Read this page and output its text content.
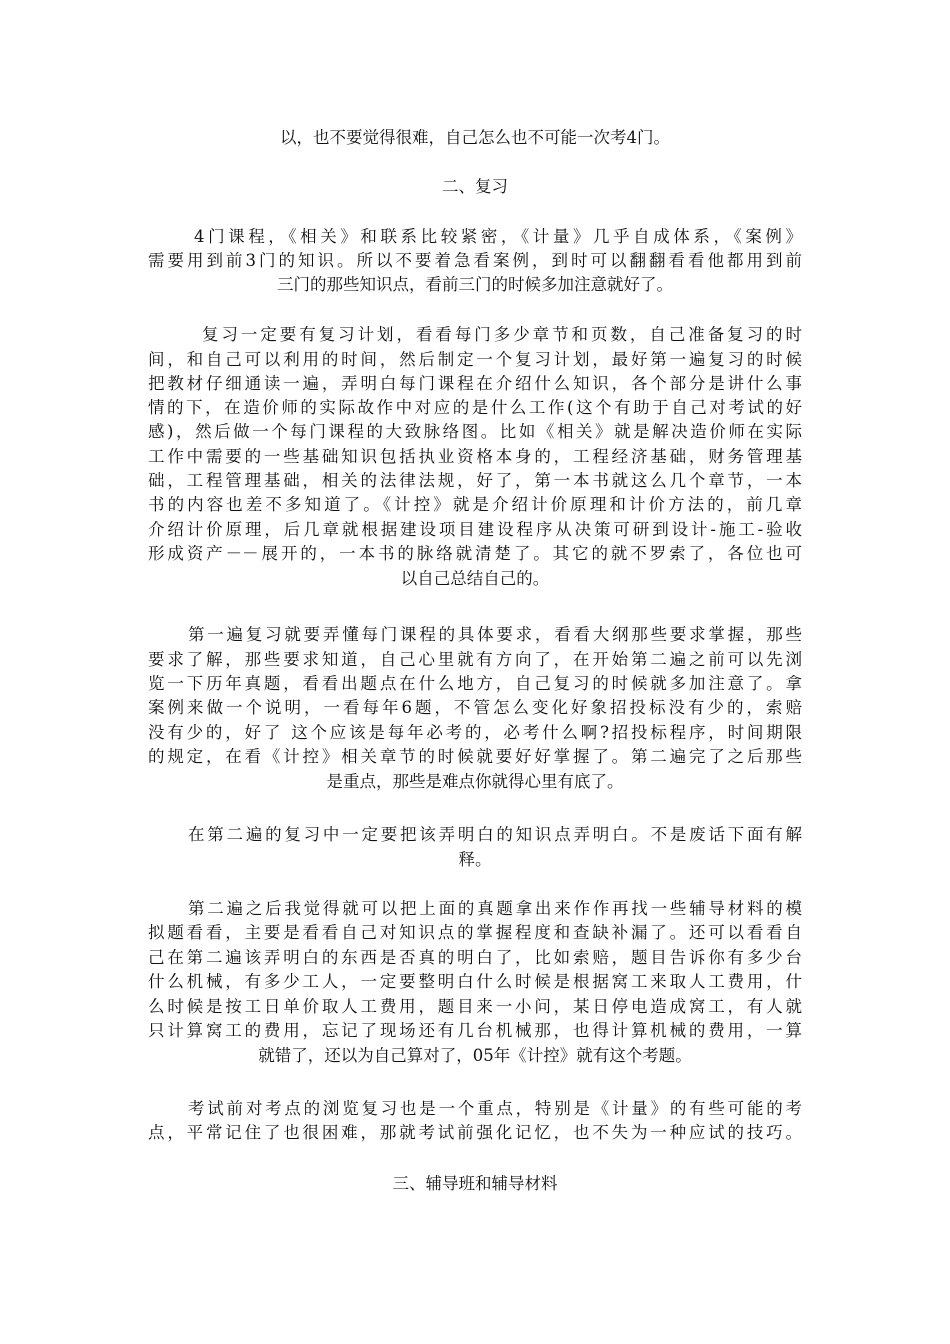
以，也不要觉得很难，自己怎么也不可能一次考4门。
二、复习
4门课程，《相关》和联系比较紧密，《计量》几乎自成体系，《案例》
需要用到前3门的知识。所以不要着急看案例，到时可以翻翻看看他都用到前
三门的那些知识点，看前三门的时候多加注意就好了。
复习一定要有复习计划，看看每门多少章节和页数，自己准备复习的时
间，和自己可以利用的时间，然后制定一个复习计划，最好第一遍复习的时候
把教材仔细通读一遍，弄明白每门课程在介绍什么知识，各个部分是讲什么事
情的下，在造价师的实际故作中对应的是什么工作(这个有助于自己对考试的好
感)，然后做一个每门课程的大致脉络图。比如《相关》就是解决造价师在实际
工作中需要的一些基础知识包括执业资格本身的，工程经济基础，财务管理基
础，工程管理基础，相关的法律法规，好了，第一本书就这么几个章节，一本
书的内容也差不多知道了。《计控》就是介绍计价原理和计价方法的，前几章
介绍计价原理，后几章就根据建设项目建设程序从决策可研到设计-施工-验收
形成资产－－展开的，一本书的脉络就清楚了。其它的就不罗索了，各位也可
以自己总结自己的。
第一遍复习就要弄懂每门课程的具体要求，看看大纲那些要求掌握，那些
要求了解，那些要求知道，自己心里就有方向了，在开始第二遍之前可以先浏
览一下历年真题，看看出题点在什么地方，自己复习的时候就多加注意了。拿
案例来做一个说明，一看每年6题，不管怎么变化好象招投标没有少的，索赔
没有少的，好了 这个应该是每年必考的，必考什么啊?招投标程序，时间期限
的规定，在看《计控》相关章节的时候就要好好掌握了。第二遍完了之后那些
是重点，那些是难点你就得心里有底了。
在第二遍的复习中一定要把该弄明白的知识点弄明白。不是废话下面有解
释。
第二遍之后我觉得就可以把上面的真题拿出来作作再找一些辅导材料的模
拟题看看，主要是看看自己对知识点的掌握程度和查缺补漏了。还可以看看自
己在第二遍该弄明白的东西是否真的明白了，比如索赔，题目告诉你有多少台
什么机械，有多少工人，一定要整明白什么时候是根据窝工来取人工费用，什
么时候是按工日单价取人工费用，题目来一小问，某日停电造成窝工，有人就
只计算窝工的费用，忘记了现场还有几台机械那，也得计算机械的费用，一算
就错了，还以为自己算对了，05年《计控》就有这个考题。
考试前对考点的浏览复习也是一个重点，特别是《计量》的有些可能的考
点，平常记住了也很困难，那就考试前强化记忆，也不失为一种应试的技巧。
三、辅导班和辅导材料
